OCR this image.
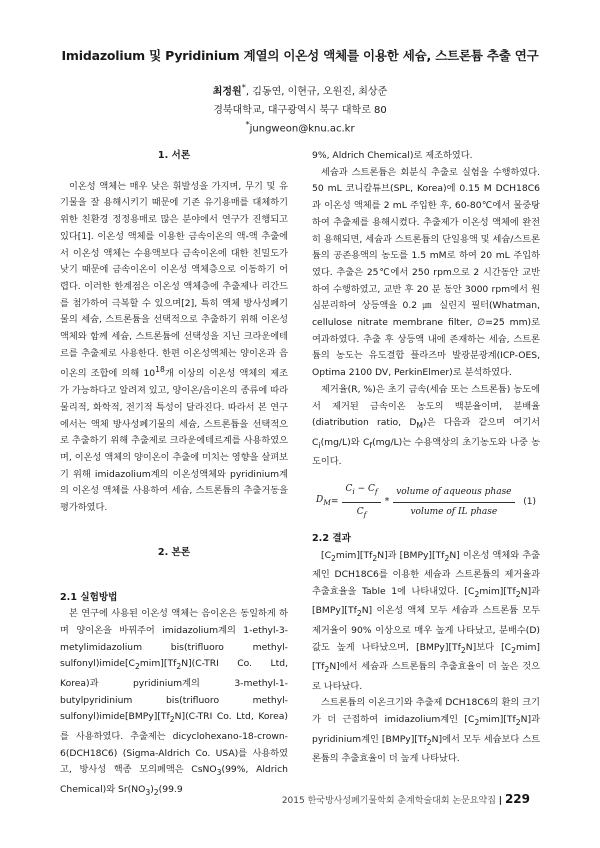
Imidazolium 및 Pyridinium 계열의 이온성 액체를 이용한 세슘, 스트론튬 추출 연구
최정원*, 김동연, 이현규, 오원진, 최상준
경북대학교, 대구광역시 북구 대학로 80
*jungweon@knu.ac.kr
1. 서론

이온성 액체는 매우 낮은 휘발성을 가지며, 무기 및 유기물을 잘 용해시키기 때문에 기존 유기용매를 대체하기 위한 친환경 정정용매로 많은 분야에서 연구가 진행되고 있다[1]. 이온성 액체를 이용한 금속이온의 액-액 추출에서 이온성 액체는 수용액보다 금속이온에 대한 친밀도가 낮기 때문에 금속이온이 이온성 액체층으로 이동하기 어렵다. 이러한 한계점은 이온성 액체층에 추출제나 리간드를 첨가하여 극복할 수 있으며[2], 특히 액체 방사성폐기물의 세슘, 스트론튬을 선택적으로 추출하기 위해 이온성 액체와 함께 세슘, 스트론튬에 선택성을 지닌 크라운에테르를 추출제로 사용한다. 한편 이온성액체는 양이온과 음이온의 조합에 의해 $10^{18}$개 이상의 이온성 액체의 제조가 가능하다고 알려져 있고, 양이온/음이온의 종류에 따라 물리적, 화학적, 전기적 특성이 달라진다. 따라서 본 연구에서는 액체 방사성폐기물의 세슘, 스트론튬을 선택적으로 추출하기 위해 추출제로 크라운에테르계를 사용하였으며, 이온성 액체의 양이온이 추출에 미치는 영향을 살펴보기 위해 imidazolium계의 이온성액체와 pyridinium계의 이온성 액체를 사용하여 세슘, 스트론튬의 추출거동을 평가하였다.

2. 본론
2.1 실험방법

본 연구에 사용된 이온성 액체는 음이온은 동일하게 하며 양이온을 바꿔주어 imidazolium계의 1-ethyl-3-metylimidazolium bis(trifluoro methyl-$sulfonyl)imide[C_2mim][Tf_2N](C$-TRI Co. Ltd, Korea)과 pyridinium계의 3-methyl-1-butylpyridinium bis(trifluoro methyl-$sulfonyl)imide[BMPy][Tf_2N](C$-TRI Co. Ltd, Korea)를 사용하였다. 추출제는 dicyclohexano-18-crown-6(DCH18C6) (Sigma-Aldrich Co. USA)를 사용하였고, 방사성 핵종 모의폐액은 CsNO$_3$(99%, Aldrich Chemical)와 $Sr(NO_3)_2(99.9$

9%, Aldrich Chemical)로 제조하였다.

세슘과 스트론튬은 회분식 추출로 실험을 수행하였다. 50 mL 코니칼튜브(SPL, Korea)에 0.15 M DCH18C6과 이온성 액체를 2 mL 주입한 후, 60-80℃에서 물중탕하여 추출제를 용해시켰다. 추출제가 이온성 액체에 완전히 용해되면, 세슘과 스트론튬의 단일용액 및 세슘/스트론튬의 공존용액의 농도를 1.5 mM로 하여 20 mL 주입하였다. 추출은 25℃에서 250 rpm으로 2 시간동안 교반하여 수행하였고, 교반 후 20 분 동안 3000 rpm에서 원심분리하여 상등액을 0.2 ㎛ 실린지 필터(Whatman, cellulose nitrate membrane filter, ∅=25 mm)로 여과하였다. 추출 후 상등액 내에 존재하는 세슘, 스트론튬의 농도는 유도결합 플라즈마 발광분광계(ICP-OES, Optima 2100 DV, PerkinElmer)로 분석하였다.

제거율(R, %)은 초기 금속(세슘 또는 스트론튬) 농도에서 제거된 금속이온 농도의 백분율이며, 분배율(diatribution ratio, $D_M$)은 다음과 같으며 여기서 $C_i(mg/L)$와 $C_f(mg/L)$는 수용액상의 초기농도와 나중 농도이다.

$D_M = \frac{C_i - C_f}{C_f} * \frac{\text{volume of aqueous phase}}{\text{volume of IL phase}} (1)$
2.2 결과

$[C_2mim][Tf_2N]$과 $[BMPy][Tf_2N]$ 이온성 액체와 추출제인 DCH18C6를 이용한 세슘과 스트론튬의 제거율과 추출효율을 Table 1에 나타내었다. $[C_2mim][Tf_2N]$과 $[BMPy][Tf_2N]$ 이온성 액체 모두 세슘과 스트론튬 모두 제거율이 90% 이상으로 매우 높게 나타났고, 분배수(D) 값도 높게 나타났으며, $[BMPy][Tf_2N]$보다 $[C_2mim][Tf_2N]$에서 세슘과 스트론튬의 추출효율이 더 높은 것으로 나타났다.

스트론튬의 이온크기와 추출제 DCH18C6의 환의 크기가 더 근접하여 imidazolium계인 $[C_2mim][Tf_2N]$과 pyridinium계인 $[BMPy][Tf_2N]$에서 모두 세슘보다 스트론튬의 추출효율이 더 높게 나타났다.

2015 한국방사성폐기물학회 춘계학술대회 논문요약집 | 229
